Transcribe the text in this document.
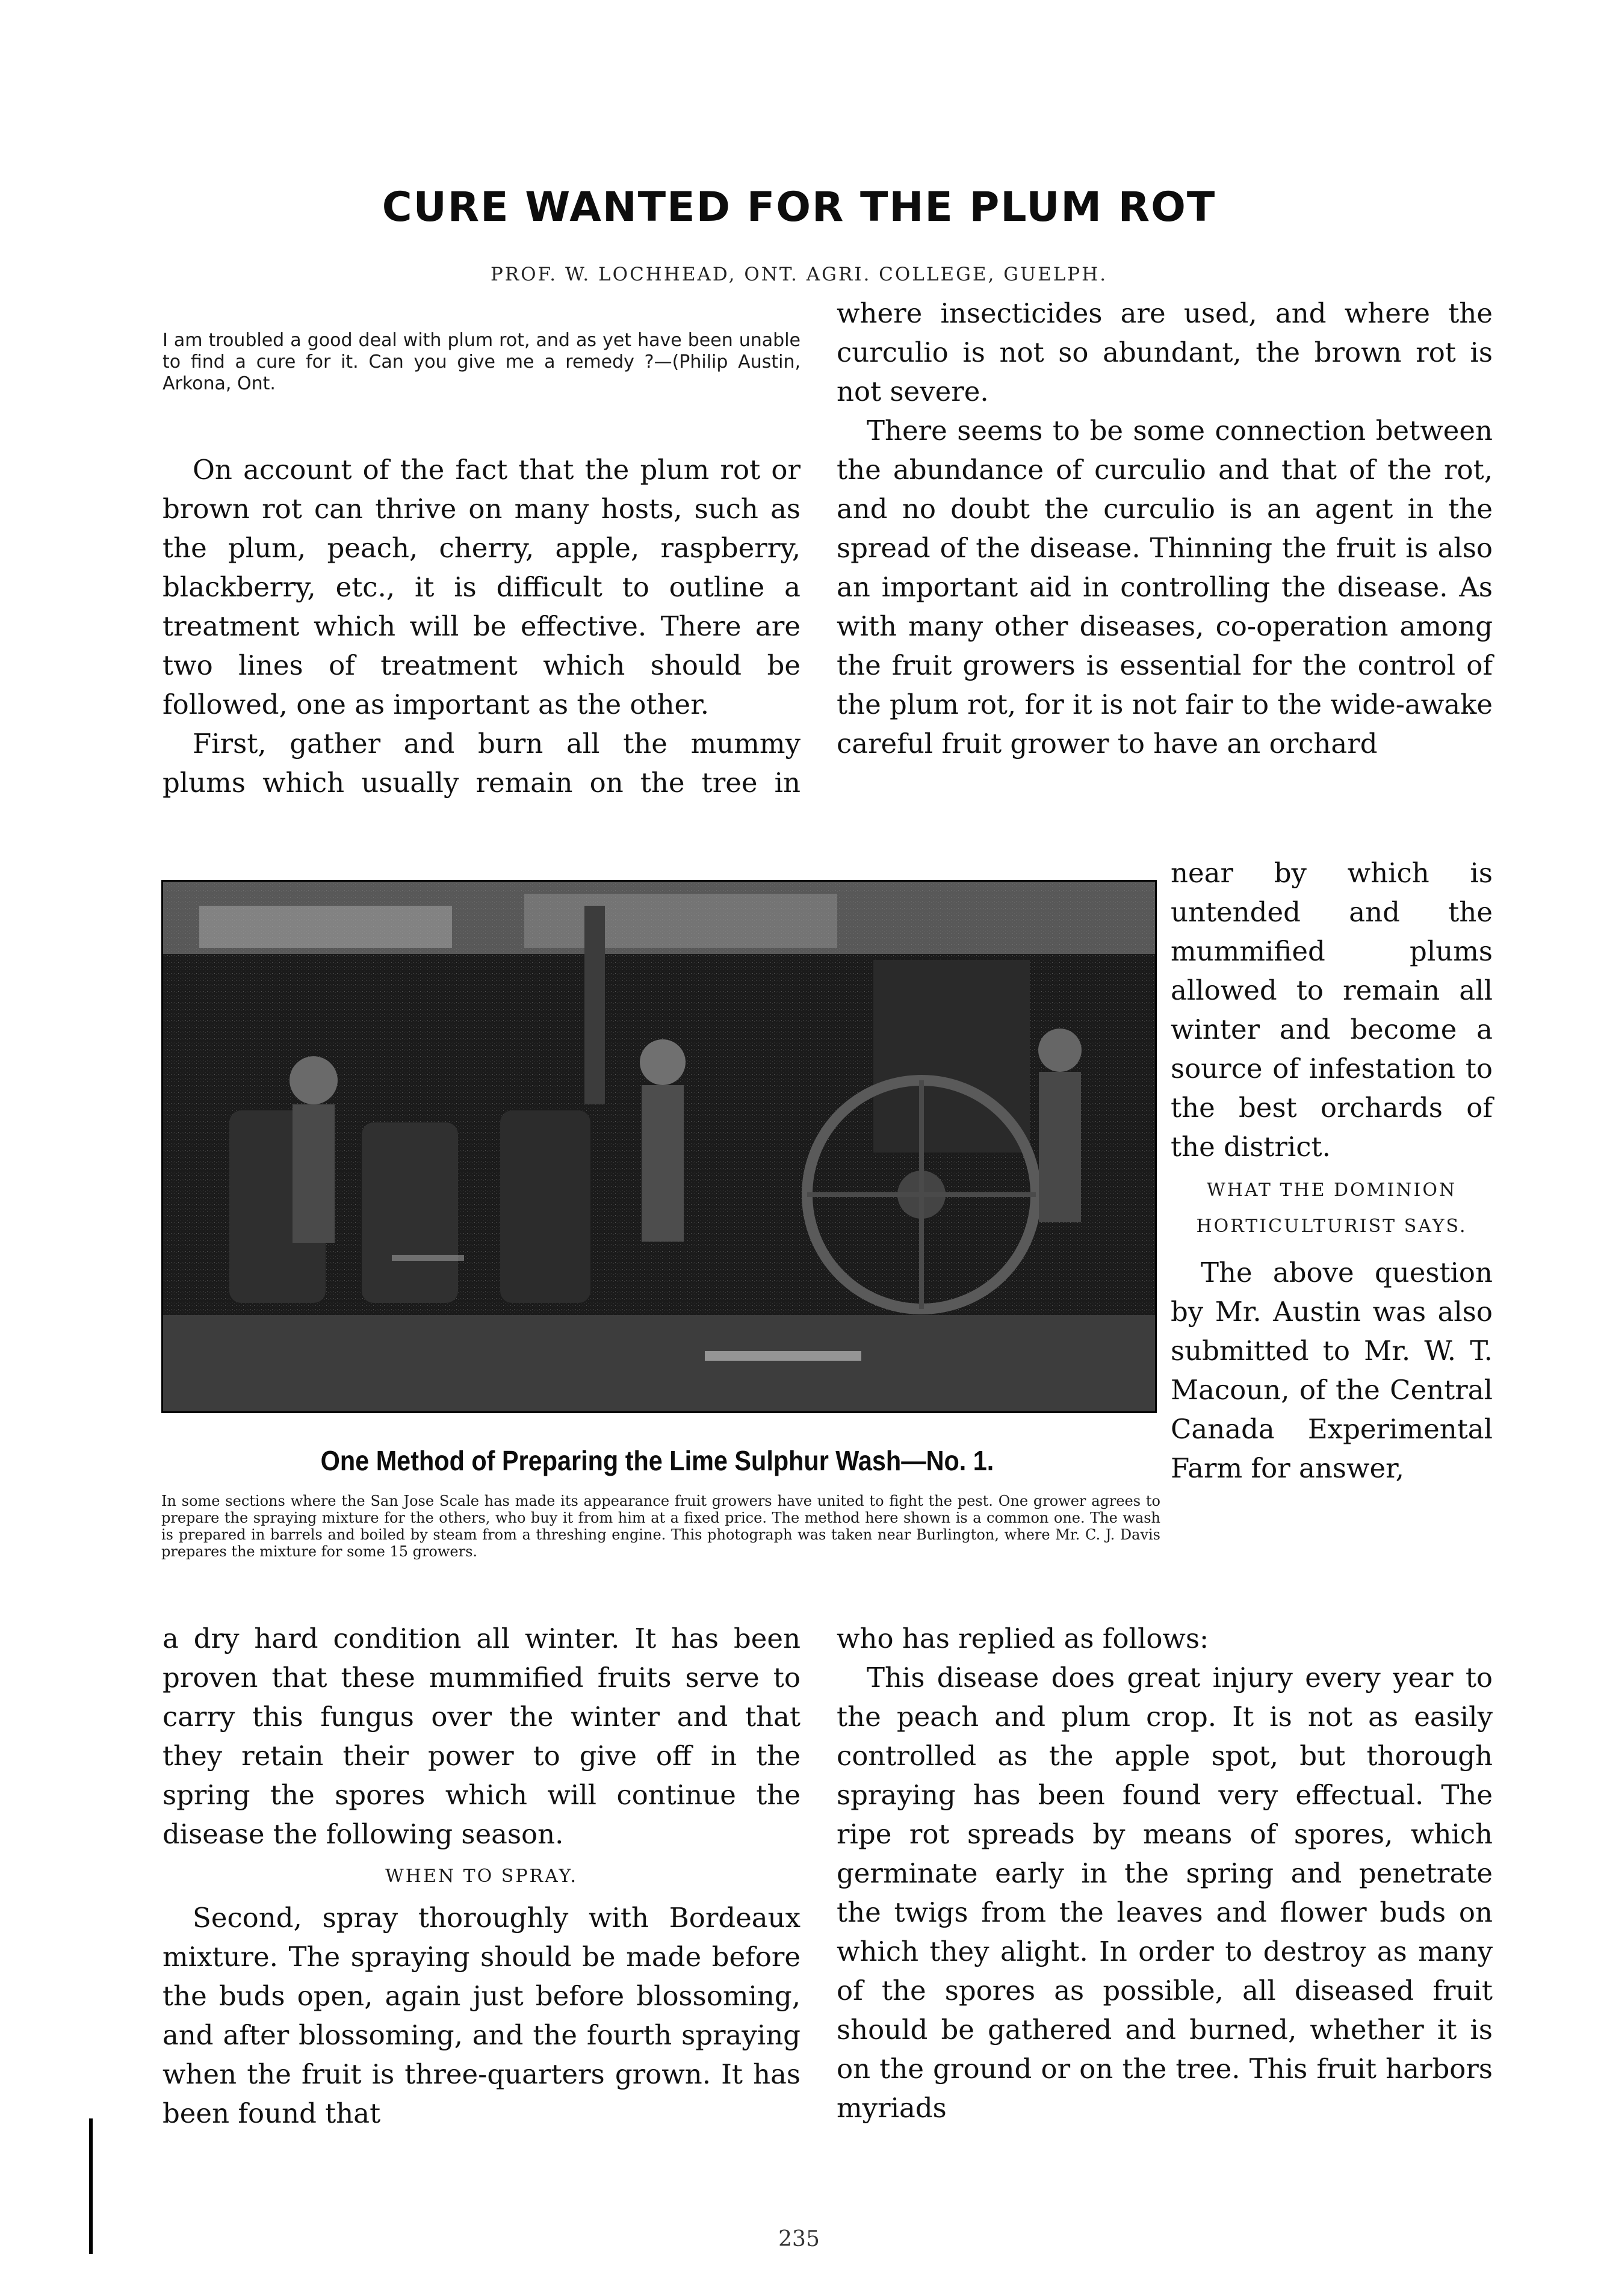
CURE WANTED FOR THE PLUM ROT
PROF. W. LOCHHEAD, ONT. AGRI. COLLEGE, GUELPH.
I am troubled a good deal with plum rot, and as yet have been unable to find a cure for it. Can you give me a remedy ?—(Philip Austin, Arkona, Ont.

On account of the fact that the plum rot or brown rot can thrive on many hosts, such as the plum, peach, cherry, apple, raspberry, blackberry, etc., it is difficult to outline a treatment which will be effective. There are two lines of treatment which should be followed, one as important as the other.

First, gather and burn all the mummy plums which usually remain on the tree in

where insecticides are used, and where the curculio is not so abundant, the brown rot is not severe.

There seems to be some connection between the abundance of curculio and that of the rot, and no doubt the curculio is an agent in the spread of the disease. Thinning the fruit is also an important aid in controlling the disease. As with many other diseases, co-operation among the fruit growers is essential for the control of the plum rot, for it is not fair to the wide-awake careful fruit grower to have an orchard

near by which is untended and the mummified plums allowed to remain all winter and become a source of infestation to the best orchards of the district.

WHAT THE DOMINION HORTICULTURIST SAYS.

The above question by Mr. Austin was also submitted to Mr. W. T. Macoun, of the Central Canada Experimental Farm for answer,

One Method of Preparing the Lime Sulphur Wash—No. 1.
In some sections where the San Jose Scale has made its appearance fruit growers have united to fight the pest. One grower agrees to prepare the spraying mixture for the others, who buy it from him at a fixed price. The method here shown is a common one. The wash is prepared in barrels and boiled by steam from a threshing engine. This photograph was taken near Burlington, where Mr. C. J. Davis prepares the mixture for some 15 growers.

a dry hard condition all winter. It has been proven that these mummified fruits serve to carry this fungus over the winter and that they retain their power to give off in the spring the spores which will continue the disease the following season.

WHEN TO SPRAY.

Second, spray thoroughly with Bordeaux mixture. The spraying should be made before the buds open, again just before blossoming, and after blossoming, and the fourth spraying when the fruit is three-quarters grown. It has been found that

who has replied as follows:

This disease does great injury every year to the peach and plum crop. It is not as easily controlled as the apple spot, but thorough spraying has been found very effectual. The ripe rot spreads by means of spores, which germinate early in the spring and penetrate the twigs from the leaves and flower buds on which they alight. In order to destroy as many of the spores as possible, all diseased fruit should be gathered and burned, whether it is on the ground or on the tree. This fruit harbors myriads

235
